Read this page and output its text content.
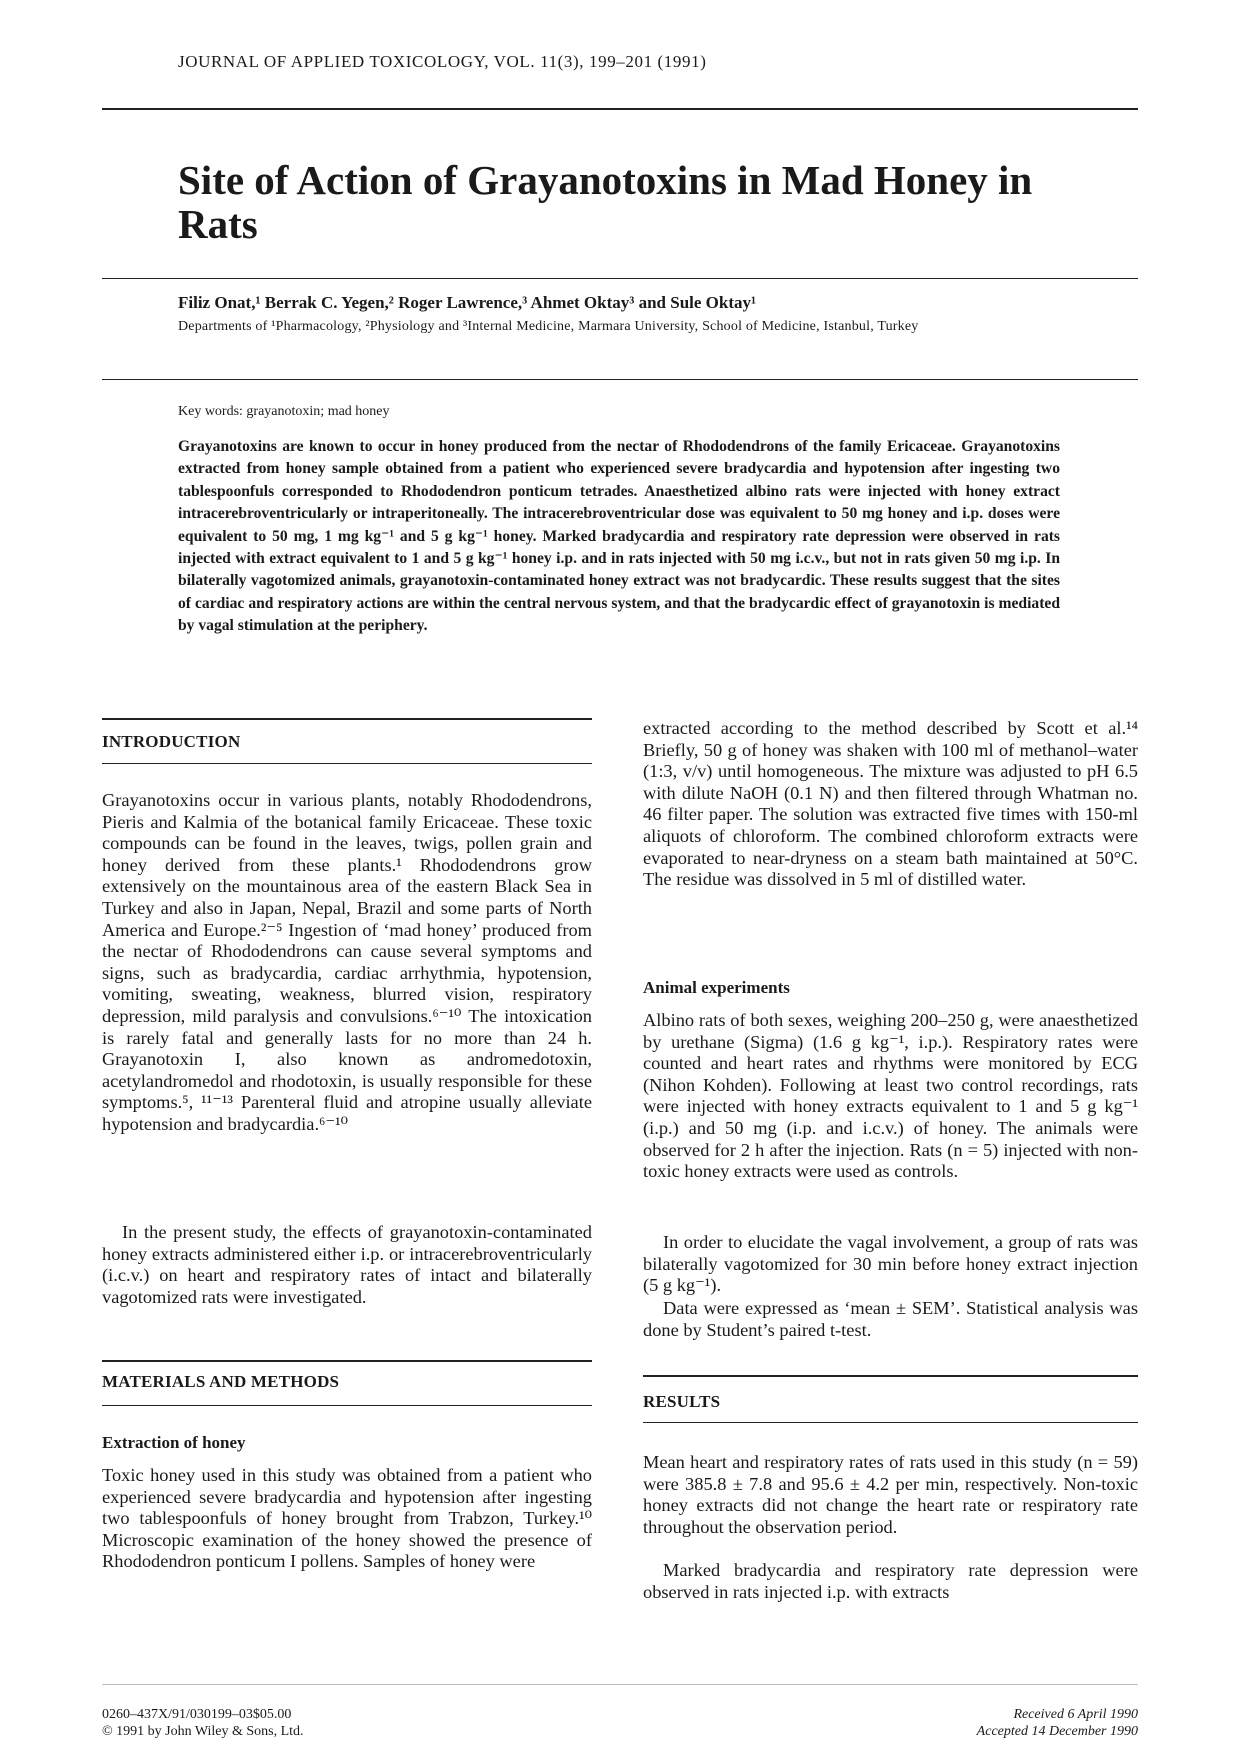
JOURNAL OF APPLIED TOXICOLOGY, VOL. 11(3), 199–201 (1991)
Site of Action of Grayanotoxins in Mad Honey in Rats
Filiz Onat,¹ Berrak C. Yegen,² Roger Lawrence,³ Ahmet Oktay³ and Sule Oktay¹
Departments of ¹Pharmacology, ²Physiology and ³Internal Medicine, Marmara University, School of Medicine, Istanbul, Turkey
Key words: grayanotoxin; mad honey

Grayanotoxins are known to occur in honey produced from the nectar of Rhododendrons of the family Ericaceae. Grayanotoxins extracted from honey sample obtained from a patient who experienced severe bradycardia and hypotension after ingesting two tablespoonfuls corresponded to Rhododendron ponticum tetrades. Anaesthetized albino rats were injected with honey extract intracerebroventricularly or intraperitoneally. The intracerebroventricular dose was equivalent to 50 mg honey and i.p. doses were equivalent to 50 mg, 1 mg kg⁻¹ and 5 g kg⁻¹ honey. Marked bradycardia and respiratory rate depression were observed in rats injected with extract equivalent to 1 and 5 g kg⁻¹ honey i.p. and in rats injected with 50 mg i.c.v., but not in rats given 50 mg i.p. In bilaterally vagotomized animals, grayanotoxin-contaminated honey extract was not bradycardic. These results suggest that the sites of cardiac and respiratory actions are within the central nervous system, and that the bradycardic effect of grayanotoxin is mediated by vagal stimulation at the periphery.

INTRODUCTION

Grayanotoxins occur in various plants, notably Rhododendrons, Pieris and Kalmia of the botanical family Ericaceae. These toxic compounds can be found in the leaves, twigs, pollen grain and honey derived from these plants.¹ Rhododendrons grow extensively on the mountainous area of the eastern Black Sea in Turkey and also in Japan, Nepal, Brazil and some parts of North America and Europe.²⁻⁵ Ingestion of ‘mad honey’ produced from the nectar of Rhododendrons can cause several symptoms and signs, such as bradycardia, cardiac arrhythmia, hypotension, vomiting, sweating, weakness, blurred vision, respiratory depression, mild paralysis and convulsions.⁶⁻¹⁰ The intoxication is rarely fatal and generally lasts for no more than 24 h. Grayanotoxin I, also known as andromedotoxin, acetylandromedol and rhodotoxin, is usually responsible for these symptoms.⁵, ¹¹⁻¹³ Parenteral fluid and atropine usually alleviate hypotension and bradycardia.⁶⁻¹⁰

In the present study, the effects of grayanotoxin-contaminated honey extracts administered either i.p. or intracerebroventricularly (i.c.v.) on heart and respiratory rates of intact and bilaterally vagotomized rats were investigated.

MATERIALS AND METHODS
Extraction of honey

Toxic honey used in this study was obtained from a patient who experienced severe bradycardia and hypotension after ingesting two tablespoonfuls of honey brought from Trabzon, Turkey.¹⁰ Microscopic examination of the honey showed the presence of Rhododendron ponticum I pollens. Samples of honey were

extracted according to the method described by Scott et al.¹⁴ Briefly, 50 g of honey was shaken with 100 ml of methanol–water (1:3, v/v) until homogeneous. The mixture was adjusted to pH 6.5 with dilute NaOH (0.1 N) and then filtered through Whatman no. 46 filter paper. The solution was extracted five times with 150-ml aliquots of chloroform. The combined chloroform extracts were evaporated to near-dryness on a steam bath maintained at 50°C. The residue was dissolved in 5 ml of distilled water.

Animal experiments

Albino rats of both sexes, weighing 200–250 g, were anaesthetized by urethane (Sigma) (1.6 g kg⁻¹, i.p.). Respiratory rates were counted and heart rates and rhythms were monitored by ECG (Nihon Kohden). Following at least two control recordings, rats were injected with honey extracts equivalent to 1 and 5 g kg⁻¹ (i.p.) and 50 mg (i.p. and i.c.v.) of honey. The animals were observed for 2 h after the injection. Rats (n = 5) injected with non-toxic honey extracts were used as controls.

In order to elucidate the vagal involvement, a group of rats was bilaterally vagotomized for 30 min before honey extract injection (5 g kg⁻¹).

Data were expressed as ‘mean ± SEM’. Statistical analysis was done by Student’s paired t-test.

RESULTS

Mean heart and respiratory rates of rats used in this study (n = 59) were 385.8 ± 7.8 and 95.6 ± 4.2 per min, respectively. Non-toxic honey extracts did not change the heart rate or respiratory rate throughout the observation period.

Marked bradycardia and respiratory rate depression were observed in rats injected i.p. with extracts

0260–437X/91/030199–03$05.00
© 1991 by John Wiley & Sons, Ltd.
Received 6 April 1990
Accepted 14 December 1990
